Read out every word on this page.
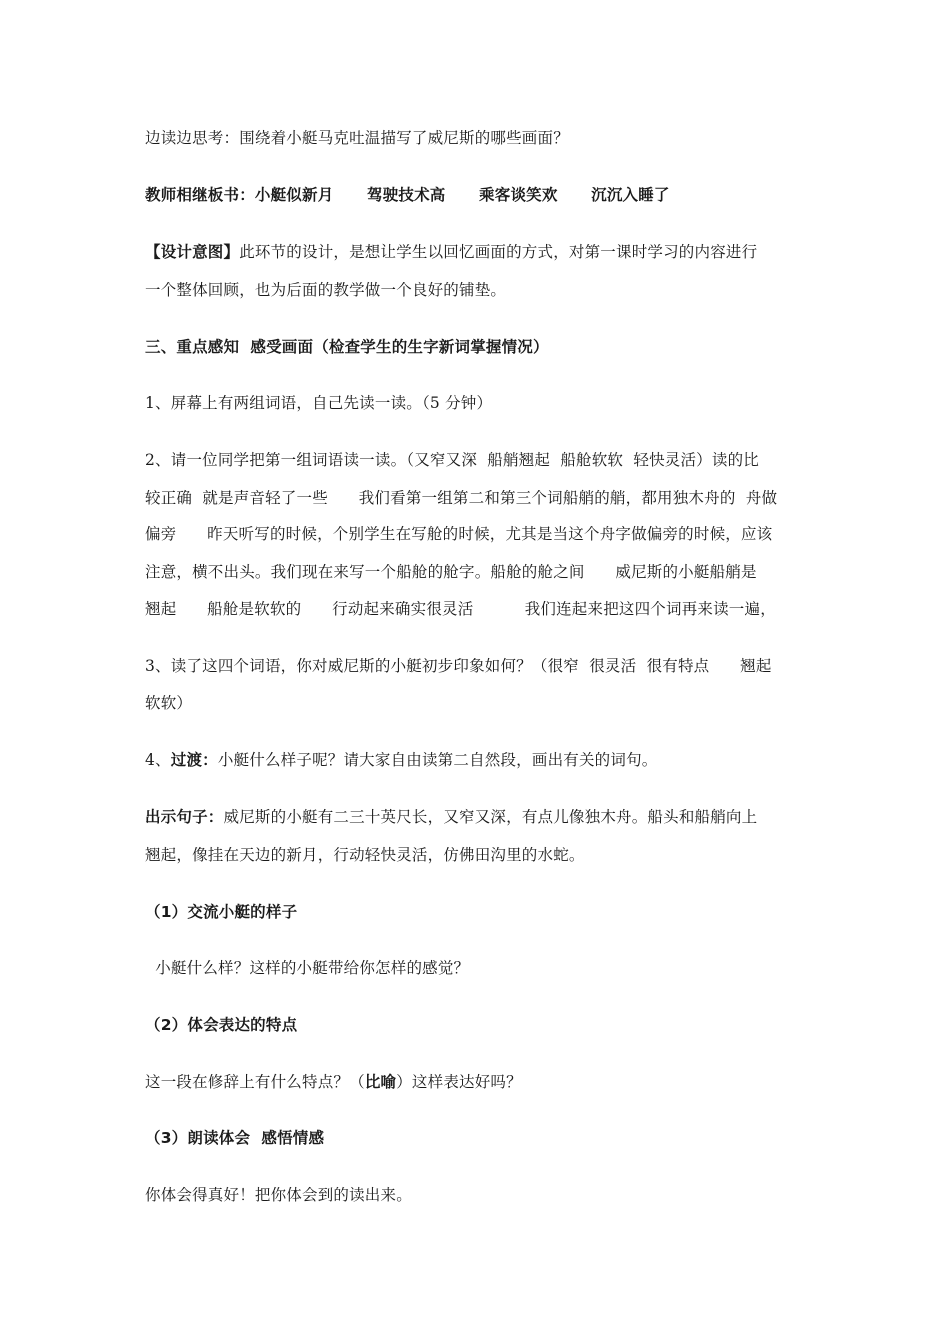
边读边思考：围绕着小艇马克吐温描写了威尼斯的哪些画面？
教师相继板书：小艇似新月      驾驶技术高      乘客谈笑欢      沉沉入睡了
【设计意图】此环节的设计，是想让学生以回忆画面的方式，对第一课时学习的内容进行
一个整体回顾，也为后面的教学做一个良好的铺垫。
三、重点感知  感受画面（检查学生的生字新词掌握情况）
1、屏幕上有两组词语，自己先读一读。（5 分钟）
2、请一位同学把第一组词语读一读。（又窄又深  船艄翘起  船舱软软  轻快灵活）读的比
较正确  就是声音轻了一些      我们看第一组第二和第三个词船艄的艄，都用独木舟的  舟做
偏旁      昨天听写的时候，个别学生在写舱的时候，尤其是当这个舟字做偏旁的时候，应该
注意，横不出头。我们现在来写一个船舱的舱字。船舱的舱之间      威尼斯的小艇船艄是
翘起      船舱是软软的      行动起来确实很灵活          我们连起来把这四个词再来读一遍，
3、读了这四个词语，你对威尼斯的小艇初步印象如何？（很窄  很灵活  很有特点      翘起
软软）
4、过渡：小艇什么样子呢？请大家自由读第二自然段，画出有关的词句。
出示句子：威尼斯的小艇有二三十英尺长，又窄又深，有点儿像独木舟。船头和船艄向上
翘起，像挂在天边的新月，行动轻快灵活，仿佛田沟里的水蛇。
（1）交流小艇的样子
小艇什么样？这样的小艇带给你怎样的感觉？
（2）体会表达的特点
这一段在修辞上有什么特点？（比喻）这样表达好吗？
（3）朗读体会  感悟情感
你体会得真好！把你体会到的读出来。
